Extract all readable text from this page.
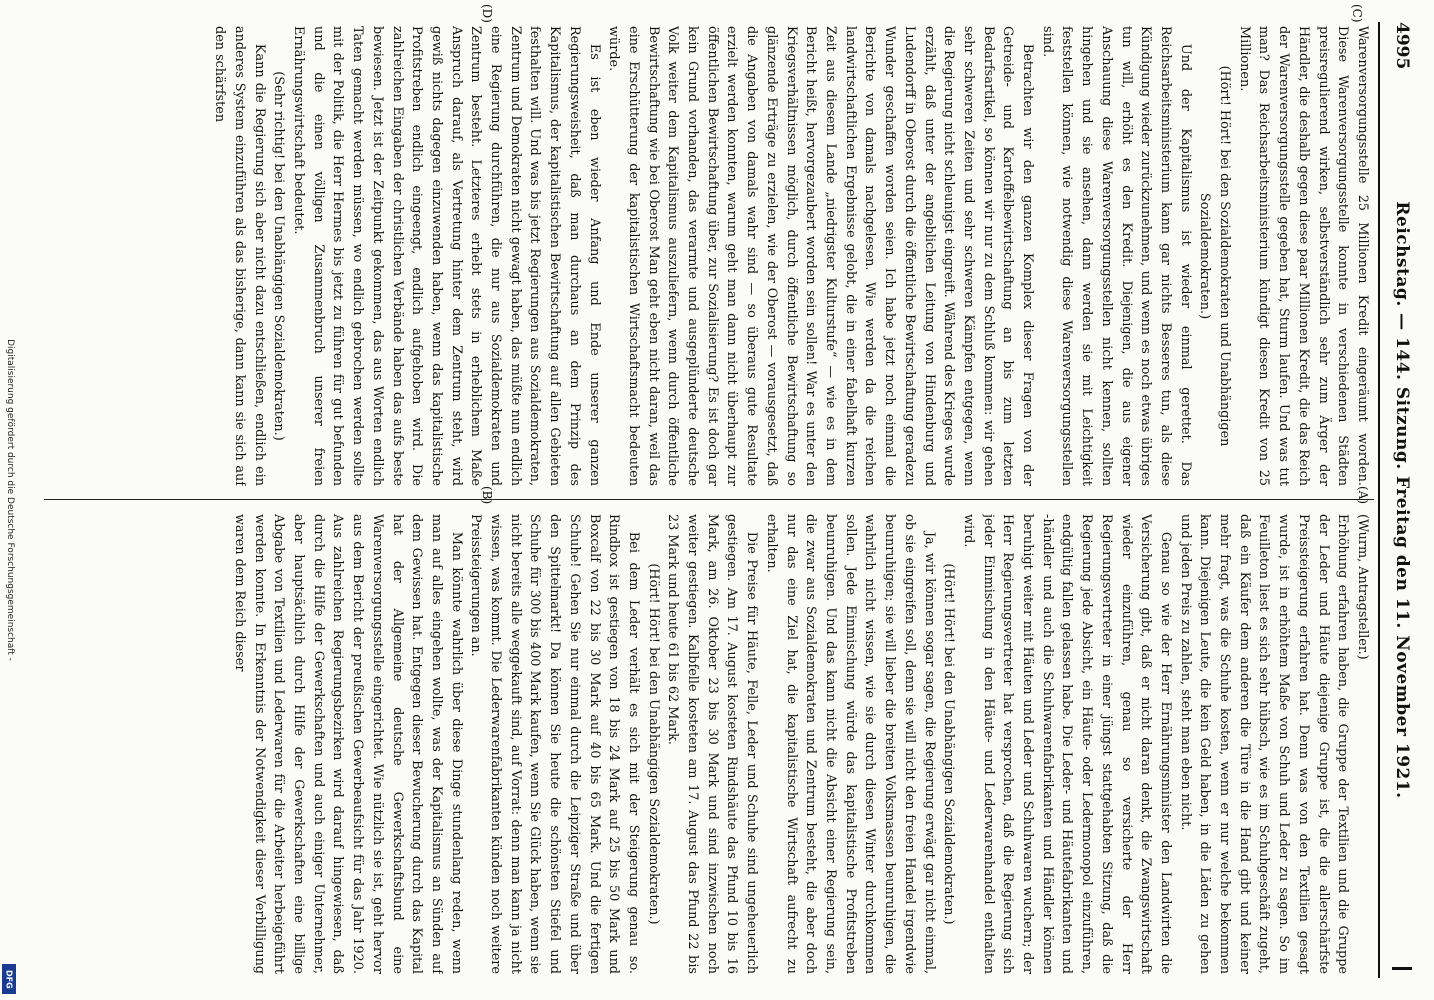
Digitalisierung gefördert durch die Deutsche Forschungsgemeinschaft -
DFG
4995
Reichstag. — 144. Sitzung. Freitag den 11. November 1921.
(C)
(D)
(A)
(B)

Warenversorgungsstelle 25 Millionen Kredit eingeräumt worden. Diese Warenversorgungsstelle konnte in verschiedenen Städten preisregulierend wirken, selbstverständlich sehr zum Ärger der Händler, die deshalb gegen diese paar Millionen Kredit, die das Reich der Warenversorgungsstelle gegeben hat, Sturm laufen. Und was tut man? Das Reichsarbeitsministerium kündigt diesen Kredit von 25 Millionen.

(Hört! Hört! bei den Sozialdemokraten und Unabhängigen Sozialdemokraten.)

Und der Kapitalismus ist wieder einmal gerettet. Das Reichsarbeitsministerium kann gar nichts Besseres tun, als diese Kündigung wieder zurückzunehmen, und wenn es noch etwas übriges tun will, erhöht es den Kredit. Diejenigen, die aus eigener Anschauung diese Warenversorgungsstellen nicht kennen, sollten hingehen und sie ansehen, dann werden sie mit Leichtigkeit feststellen können, wie notwendig diese Warenversorgungsstellen sind.

Betrachten wir den ganzen Komplex dieser Fragen von der Getreide- und Kartoffelbewirtschaftung an bis zum letzten Bedarfsartikel, so können wir nur zu dem Schluß kommen: wir gehen sehr schweren Zeiten und sehr schweren Kämpfen entgegen, wenn die Regierung nicht schleunigst eingreift. Während des Krieges wurde erzählt, daß unter der angeblichen Leitung von Hindenburg und Ludendorff in Oberost durch die öffentliche Bewirtschaftung geradezu Wunder geschaffen worden seien. Ich habe jetzt noch einmal die Berichte von damals nachgelesen. Wie werden da die reichen landwirtschaftlichen Ergebnisse gelobt, die in einer fabelhaft kurzen Zeit aus diesem Lande „niedrigster Kulturstufe“ — wie es in dem Bericht heißt, hervorgezaubert worden sein sollen! War es unter den Kriegsverhältnissen möglich, durch öffentliche Bewirtschaftung so glänzende Erträge zu erzielen, wie der Oberost — vorausgesetzt, daß die Angaben von damals wahr sind — so überaus gute Resultate erzielt werden konnten, warum geht man dann nicht überhaupt zur öffentlichen Bewirtschaftung über, zur Sozialisierung? Es ist doch gar kein Grund vorhanden, das verarmte und ausgeplünderte deutsche Volk weiter dem Kapitalismus auszuliefern, wenn durch öffentliche Bewirtschaftung wie bei Oberost Man geht eben nicht daran, weil das eine Erschütterung der kapitalistischen Wirtschaftsmacht bedeuten würde.

Es ist eben wieder Anfang und Ende unserer ganzen Regierungsweisheit, daß man durchaus an dem Prinzip des Kapitalismus, der kapitalistischen Bewirtschaftung auf allen Gebieten festhalten will. Und was bis jetzt Regierungen aus Sozialdemokraten, Zentrum und Demokraten nicht gewagt haben, das müßte nun endlich eine Regierung durchführen, die nur aus Sozialdemokraten und Zentrum besteht. Letzteres erhebt stets in erheblichem Maße Anspruch darauf, als Vertretung hinter dem Zentrum steht, wird gewiß nichts dagegen einzuwenden haben, wenn das kapitalistische Profitstreben endlich eingeengt, endlich aufgehoben wird. Die zahlreichen Eingaben der christlichen Verbände haben das aufs beste bewiesen. Jetzt ist der Zeitpunkt gekommen, das aus Worten endlich Taten gemacht werden müssen, wo endlich gebrochen werden sollte mit der Politik, die Herr Hermes bis jetzt zu führen für gut befunden und die einen völligen Zusammenbruch unserer freien Ernährungswirtschaft bedeutet.

(Sehr richtig! bei den Unabhängigen Sozialdemokraten.)

Kann die Regierung sich aber nicht dazu entschließen, endlich ein anderes System einzuführen als das bisherige, dann kann sie sich auf den schärfsten

(Wurm, Antragsteller.)

Erhöhung erfahren haben, die Gruppe der Textilien und die Gruppe der Leder und Häute diejenige Gruppe ist, die die allerschärfste Preissteigerung erfahren hat. Denn was von den Textilien gesagt wurde, ist in erhöhtem Maße von Schuh und Leder zu sagen. So im Feuilleton liest es sich sehr hübsch, wie es im Schuhgeschäft zugeht, daß ein Käufer dem anderen die Türe in die Hand gibt und keiner mehr fragt, was die Schuhe kosten, wenn er nur welche bekommen kann. Diejenigen Leute, die kein Geld haben, in die Läden zu gehen und jeden Preis zu zahlen, steht man eben nicht.

Genau so wie der Herr Ernährungsminister den Landwirten die Versicherung gibt, daß er nicht daran denkt, die Zwangswirtschaft wieder einzuführen, genau so versicherte der Herr Regierungsvertreter in einer jüngst stattgehabten Sitzung, daß die Regierung jede Absicht, ein Häute- oder Ledermonopol einzuführen, endgültig fallen gelassen habe. Die Leder- und Häutefabrikanten und -händler und auch die Schuhwarenfabrikanten und Händler können beruhigt weiter mit Häuten und Leder und Schuhwaren wuchern; der Herr Regierungsvertreter hat versprochen, daß die Regierung sich jeder Einmischung in den Häute- und Lederwarenhandel enthalten wird.

(Hört! Hört! bei den Unabhängigen Sozialdemokraten.)

Ja, wir können sogar sagen, die Regierung erwägt gar nicht einmal, ob sie eingreifen soll, denn sie will nicht den freien Handel irgendwie beunruhigen; sie will lieber die breiten Volksmassen beunruhigen, die wahrlich nicht wissen, wie sie durch diesen Winter durchkommen sollen. Jede Einmischung würde das kapitalistische Profitstreben beunruhigen. Und das kann nicht die Absicht einer Regierung sein, die zwar aus Sozialdemokraten und Zentrum besteht, die aber doch nur das eine Ziel hat, die kapitalistische Wirtschaft aufrecht zu erhalten.

Die Preise für Häute, Felle, Leder und Schuhe sind ungeheuerlich gestiegen. Am 17. August kosteten Rindshäute das Pfund 10 bis 16 Mark, am 26. Oktober 23 bis 30 Mark und sind inzwischen noch weiter gestiegen. Kalbfelle kosteten am 17. August das Pfund 22 bis 23 Mark und heute 61 bis 62 Mark.

(Hört! Hört! bei den Unabhängigen Sozialdemokraten.)

Bei dem Leder verhält es sich mit der Steigerung genau so. Rindbox ist gestiegen von 18 bis 24 Mark auf 25 bis 50 Mark und Boxcalf von 22 bis 30 Mark auf 40 bis 65 Mark. Und die fertigen Schuhe! Gehen Sie nur einmal durch die Leipziger Straße und über den Spittelmarkt! Da können Sie heute die schönsten Stiefel und Schuhe für 300 bis 400 Mark kaufen, wenn Sie Glück haben, wenn sie nicht bereits alle weggekauft sind, auf Vorrat: denn man kann ja nicht wissen, was kommt. Die Lederwarenfabrikanten künden noch weitere Preissteigerungen an.

Man könnte wahrlich über diese Dinge stundenlang reden, wenn man auf alles eingehen wollte, was der Kapitalismus an Sünden auf dem Gewissen hat. Entgegen dieser Bewucherung durch das Kapital hat der Allgemeine deutsche Gewerkschaftsbund eine Warenversorgungsstelle eingerichtet. Wie nützlich sie ist, geht hervor aus dem Bericht der preußischen Gewerbeaufsicht für das Jahr 1920. Aus zahlreichen Regierungsbezirken wird darauf hingewiesen, daß durch die Hilfe der Gewerkschaften und auch einiger Unternehmer, aber hauptsächlich durch Hilfe der Gewerkschaften eine billige Abgabe von Textilien und Lederwaren für die Arbeiter herbeigeführt werden konnte. In Erkenntnis der Notwendigkeit dieser Verbilligung waren dem Reich dieser
